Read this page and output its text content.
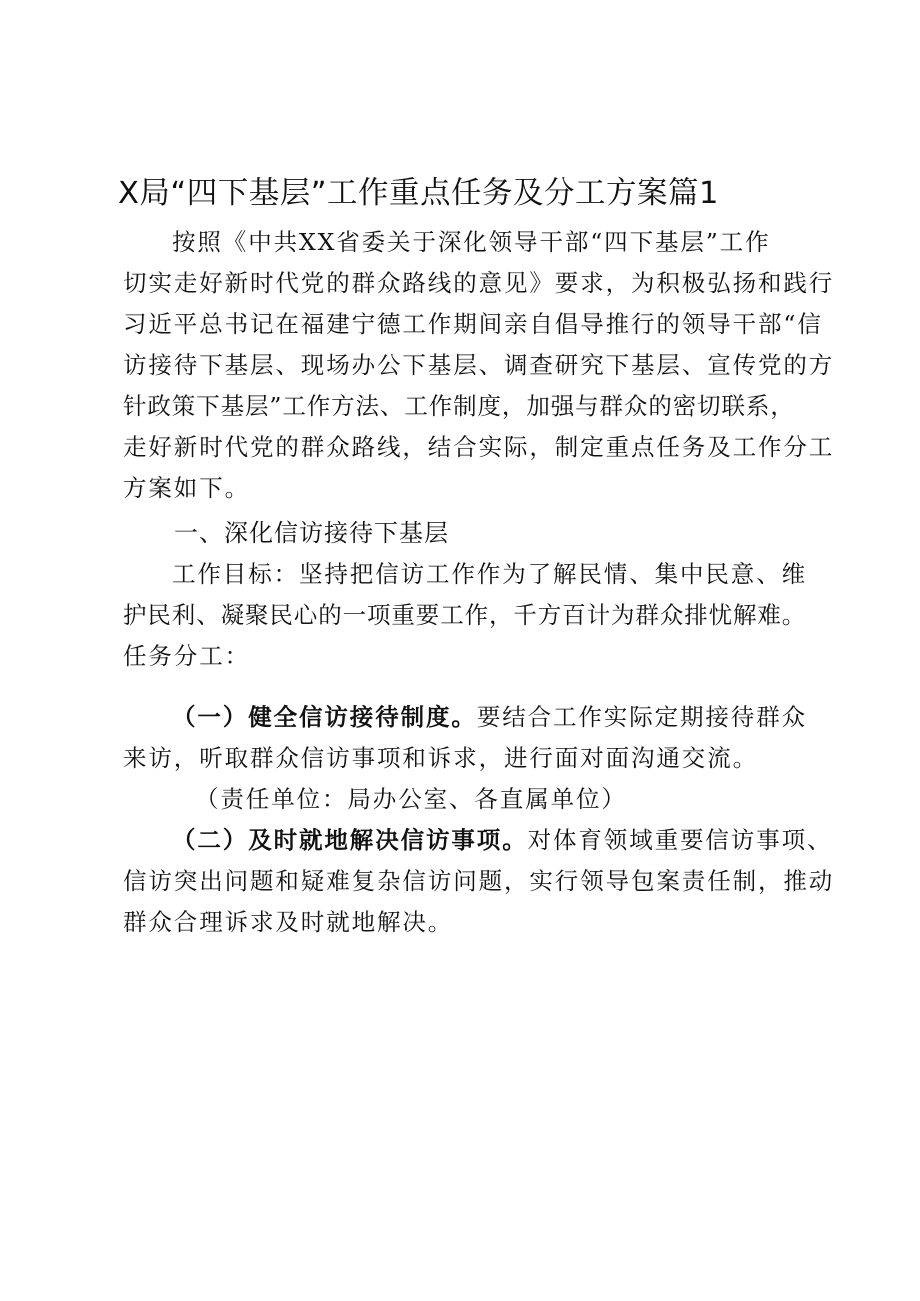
X局“四下基层”工作重点任务及分工方案篇1
按照《中共XX省委关于深化领导干部“四下基层”工作
切实走好新时代党的群众路线的意见》要求，为积极弘扬和践行
习近平总书记在福建宁德工作期间亲自倡导推行的领导干部“信
访接待下基层、现场办公下基层、调查研究下基层、宣传党的方
针政策下基层”工作方法、工作制度，加强与群众的密切联系，
走好新时代党的群众路线，结合实际，制定重点任务及工作分工
方案如下。
一、深化信访接待下基层
工作目标：坚持把信访工作作为了解民情、集中民意、维
护民利、凝聚民心的一项重要工作，千方百计为群众排忧解难。
任务分工：
（一）健全信访接待制度。要结合工作实际定期接待群众
来访，听取群众信访事项和诉求，进行面对面沟通交流。
（责任单位：局办公室、各直属单位）
（二）及时就地解决信访事项。对体育领域重要信访事项、
信访突出问题和疑难复杂信访问题，实行领导包案责任制，推动
群众合理诉求及时就地解决。
